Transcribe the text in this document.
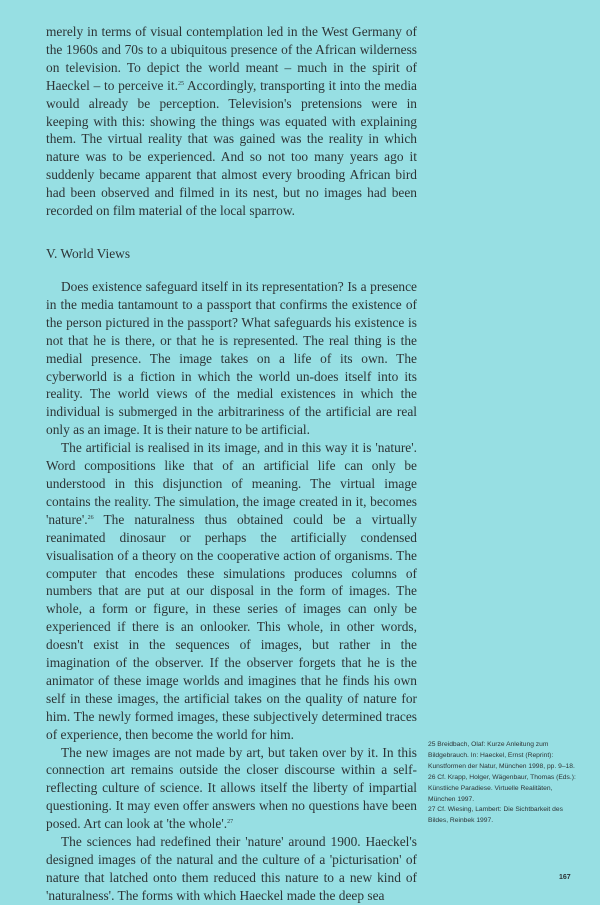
merely in terms of visual contemplation led in the West Germany of the 1960s and 70s to a ubiquitous presence of the African wilderness on television. To depict the world meant – much in the spirit of Haeckel – to perceive it.$^{25}$ Accordingly, transporting it into the media would already be perception. Television's pretensions were in keeping with this: showing the things was equated with explaining them. The virtual reality that was gained was the reality in which nature was to be experienced. And so not too many years ago it suddenly became apparent that almost every brooding African bird had been observed and filmed in its nest, but no images had been recorded on film material of the local sparrow.

V. World Views

Does existence safeguard itself in its representation? Is a presence in the media tantamount to a passport that confirms the existence of the person pictured in the passport? What safeguards his existence is not that he is there, or that he is represented. The real thing is the medial presence. The image takes on a life of its own. The cyberworld is a fiction in which the world un-does itself into its reality. The world views of the medial existences in which the individual is submerged in the arbitrariness of the artificial are real only as an image. It is their nature to be artificial.

The artificial is realised in its image, and in this way it is 'nature'. Word compositions like that of an artificial life can only be understood in this disjunction of meaning. The virtual image contains the reality. The simulation, the image created in it, becomes 'nature'.$^{26}$ The naturalness thus obtained could be a virtually reanimated dinosaur or perhaps the artificially condensed visualisation of a theory on the cooperative action of organisms. The computer that encodes these simulations produces columns of numbers that are put at our disposal in the form of images. The whole, a form or figure, in these series of images can only be experienced if there is an onlooker. This whole, in other words, doesn't exist in the sequences of images, but rather in the imagination of the observer. If the observer forgets that he is the animator of these image worlds and imagines that he finds his own self in these images, the artificial takes on the quality of nature for him. The newly formed images, these subjectively determined traces of experience, then become the world for him.

The new images are not made by art, but taken over by it. In this connection art remains outside the closer discourse within a self-reflecting culture of science. It allows itself the liberty of impartial questioning. It may even offer answers when no questions have been posed. Art can look at 'the whole'.$^{27}$

The sciences had redefined their 'nature' around 1900. Haeckel's designed images of the natural and the culture of a 'picturisation' of nature that latched onto them reduced this nature to a new kind of 'naturalness'. The forms with which Haeckel made the deep sea

25 Breidbach, Olaf: Kurze Anleitung zum Bildgebrauch. In: Haeckel, Ernst (Reprint): Kunstformen der Natur, München 1998, pp. 9–18.
26 Cf. Krapp, Holger, Wägenbaur, Thomas (Eds.): Künstliche Paradiese. Virtuelle Realitäten, München 1997.
27 Cf. Wiesing, Lambert: Die Sichtbarkeit des Bildes, Reinbek 1997.
167
